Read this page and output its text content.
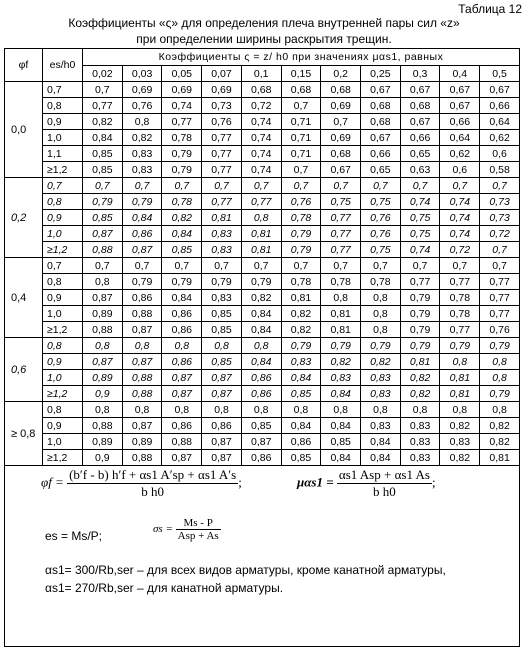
Таблица 12
Коэффициенты «ς» для определения плеча внутренней пары сил «z»
при определении ширины раскрытия трещин.
φf	es/h0	Коэффициенты ς = z/ h0 при значениях μαs1, равных										
		0,02	0,03	0,05	0,07	0,1	0,15	0,2	0,25	0,3	0,4	0,5
0,0	0,7	0,7	0,69	0,69	0,69	0,68	0,68	0,68	0,67	0,67	0,67	0,67
	0,8	0,77	0,76	0,74	0,73	0,72	0,7	0,69	0,68	0,68	0,67	0,66
	0,9	0,82	0,8	0,77	0,76	0,74	0,71	0,7	0,68	0,67	0,66	0,64
	1,0	0,84	0,82	0,78	0,77	0,74	0,71	0,69	0,67	0,66	0,64	0,62
	1,1	0,85	0,83	0,79	0,77	0,74	0,71	0,68	0,66	0,65	0,62	0,6
	≥1,2	0,85	0,83	0,79	0,77	0,74	0,7	0,67	0,65	0,63	0,6	0,58
0,2	0,7	0,7	0,7	0,7	0,7	0,7	0,7	0,7	0,7	0,7	0,7	0,7
	0,8	0,79	0,79	0,78	0,77	0,77	0,76	0,75	0,75	0,74	0,74	0,73
	0,9	0,85	0,84	0,82	0,81	0,8	0,78	0,77	0,76	0,75	0,74	0,73
	1,0	0,87	0,86	0,84	0,83	0,81	0,79	0,77	0,76	0,75	0,74	0,72
	≥1,2	0,88	0,87	0,85	0,83	0,81	0,79	0,77	0,75	0,74	0,72	0,7
0,4	0,7	0,7	0,7	0,7	0,7	0,7	0,7	0,7	0,7	0,7	0,7	0,7
	0,8	0,8	0,79	0,79	0,79	0,79	0,78	0,78	0,78	0,77	0,77	0,77
	0,9	0,87	0,86	0,84	0,83	0,82	0,81	0,8	0,8	0,79	0,78	0,77
	1,0	0,89	0,88	0,86	0,85	0,84	0,82	0,81	0,8	0,79	0,78	0,77
	≥1,2	0,88	0,87	0,86	0,85	0,84	0,82	0,81	0,8	0,79	0,77	0,76
0,6	0,8	0,8	0,8	0,8	0,8	0,8	0,79	0,79	0,79	0,79	0,79	0,79
	0,9	0,87	0,87	0,86	0,85	0,84	0,83	0,82	0,82	0,81	0,8	0,8
	1,0	0,89	0,88	0,87	0,87	0,86	0,84	0,83	0,83	0,82	0,81	0,8
	≥1,2	0,9	0,88	0,87	0,87	0,86	0,85	0,84	0,83	0,82	0,81	0,79
≥ 0,8	0,8	0,8	0,8	0,8	0,8	0,8	0,8	0,8	0,8	0,8	0,8	0,8
	0,9	0,88	0,87	0,86	0,86	0,85	0,84	0,84	0,83	0,83	0,82	0,82
	1,0	0,89	0,89	0,88	0,87	0,87	0,86	0,85	0,84	0,83	0,83	0,82
	≥1,2	0,9	0,88	0,87	0,87	0,86	0,85	0,84	0,84	0,83	0,82	0,81
$\varphi f = \frac{(b'f - b) h'f + \alpha s1 A'sp + \alpha s1 A's}{\text{b h0}}$ ;	$\mu\alpha s1 = \frac{\text{αs1 Asp + αs1 As}}{\text{b h0}}$ ;
es = Ms/P;	$\sigma s = \frac{Ms - P}{\text{Asp + As}}$
αs1= 300/Rb,ser – для всех видов арматуры, кроме канатной арматуры,
αs1= 270/Rb,ser – для канатной арматуры.
